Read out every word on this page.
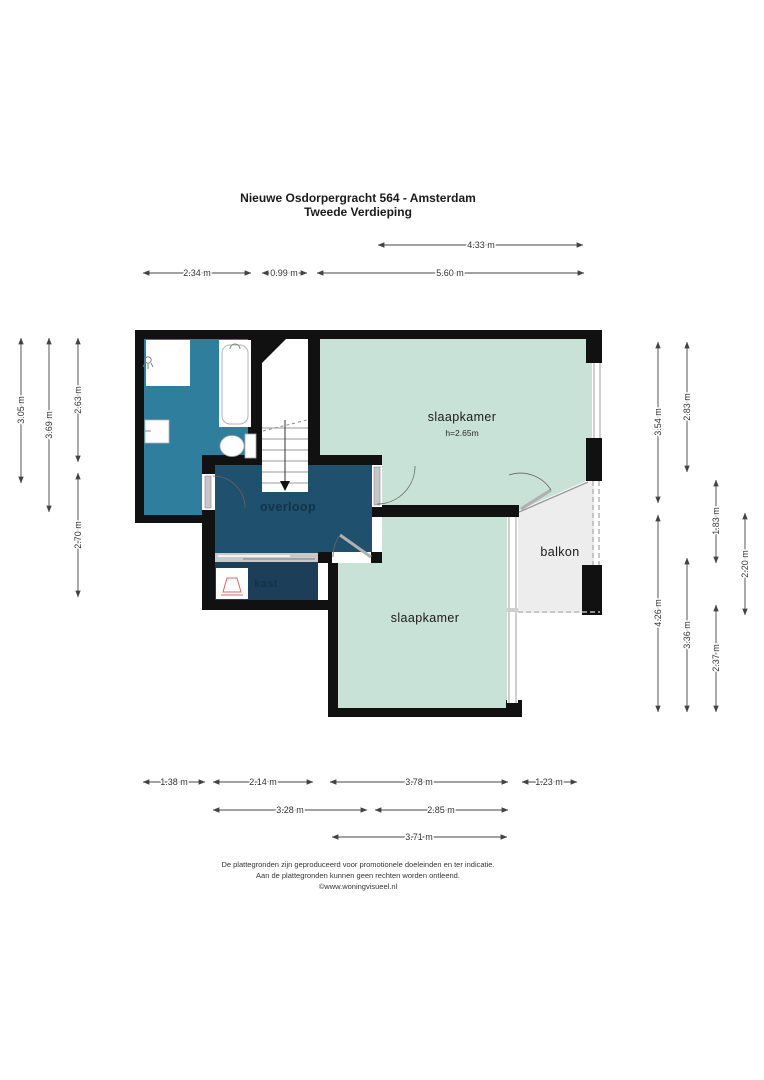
Nieuwe Osdorpergracht 564 - Amsterdam
Tweede Verdieping
4.33 m
2.34 m	0.99 m	5.60 m
3.05 m
3.69 m
2.63 m
2.70 m
3.54 m
2.83 m
1.83 m
2.20 m
4.26 m
3.36 m
2.37 m
1.38 m	2.14 m	3.78 m	1.23 m
3.28 m	2.85 m
3.71 m
slaapkamer
h=2.65m
overloop
kast
balkon
slaapkamer
De plattegronden zijn geproduceerd voor promotionele doeleinden en ter indicatie.
Aan de plattegronden kunnen geen rechten worden ontleend.
©www.woningvisueel.nl
